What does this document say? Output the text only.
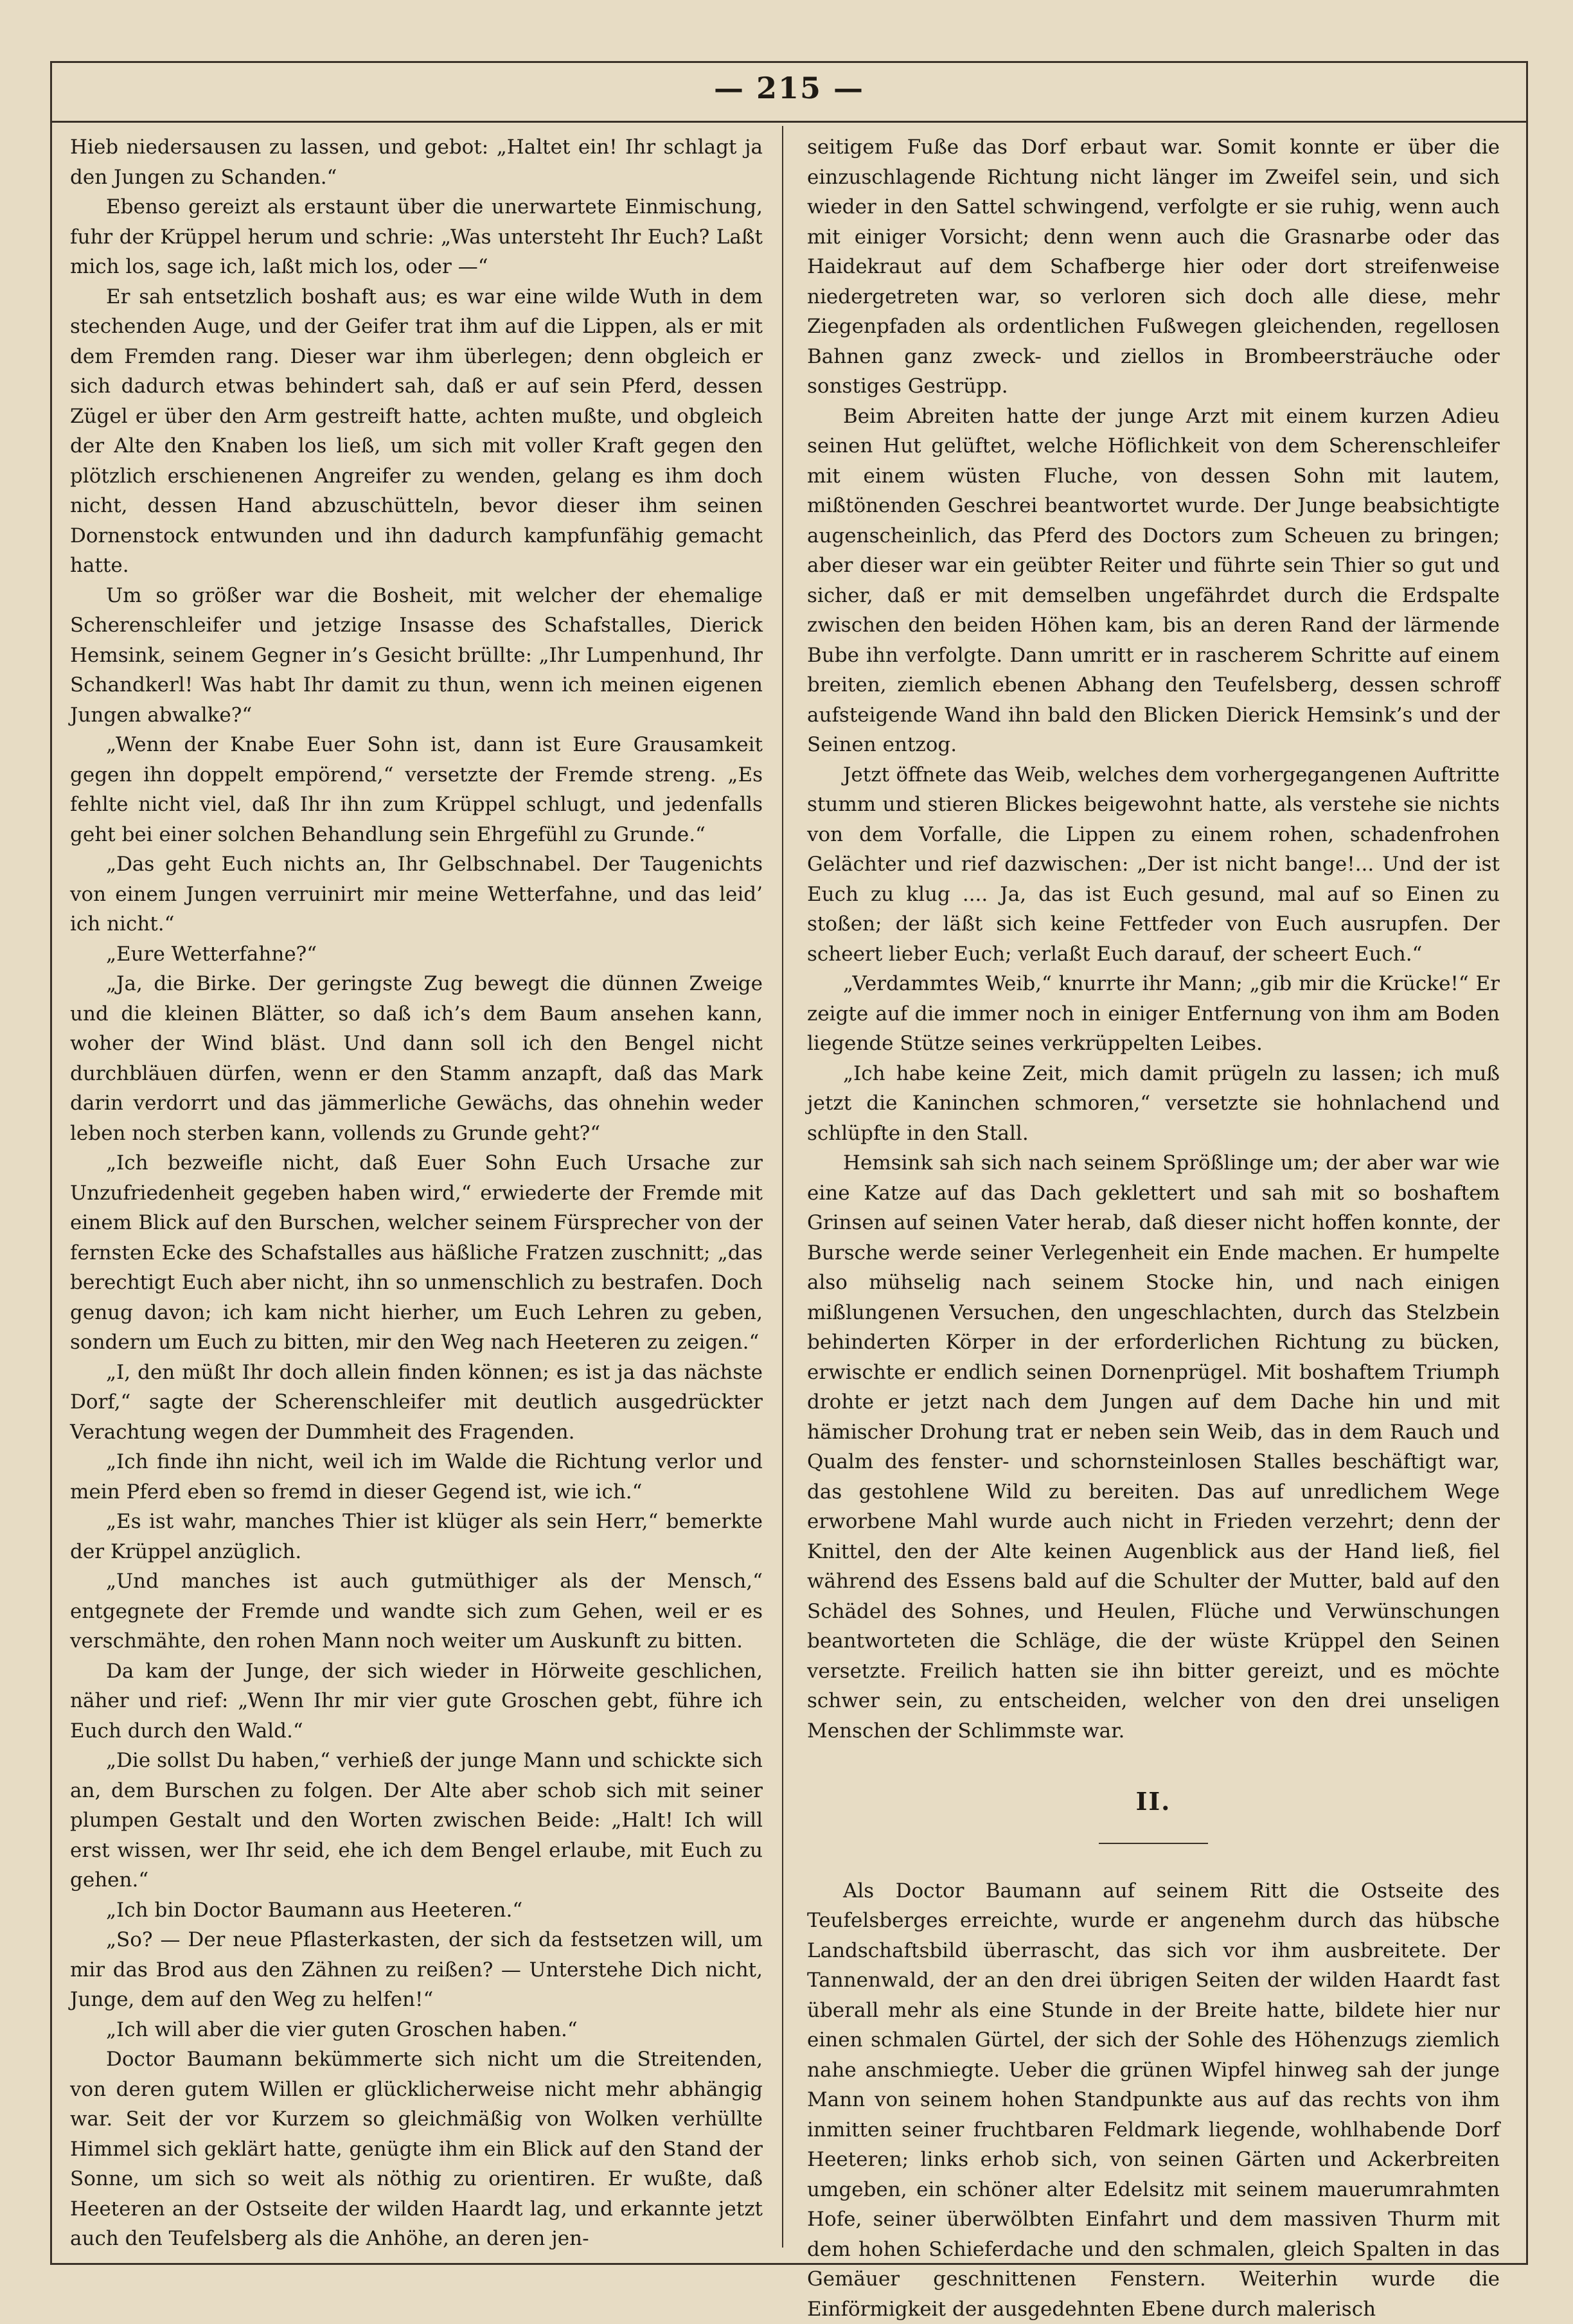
— 215 —

Hieb niedersausen zu lassen, und gebot: „Haltet ein! Ihr schlagt ja den Jungen zu Schanden.“

Ebenso gereizt als erstaunt über die unerwartete Einmischung, fuhr der Krüppel herum und schrie: „Was untersteht Ihr Euch? Laßt mich los, sage ich, laßt mich los, oder —“

Er sah entsetzlich boshaft aus; es war eine wilde Wuth in dem stechenden Auge, und der Geifer trat ihm auf die Lippen, als er mit dem Fremden rang. Dieser war ihm überlegen; denn obgleich er sich dadurch etwas behindert sah, daß er auf sein Pferd, dessen Zügel er über den Arm gestreift hatte, achten mußte, und obgleich der Alte den Knaben los ließ, um sich mit voller Kraft gegen den plötzlich erschienenen Angreifer zu wenden, gelang es ihm doch nicht, dessen Hand abzuschütteln, bevor dieser ihm seinen Dornenstock entwunden und ihn dadurch kampfunfähig gemacht hatte.

Um so größer war die Bosheit, mit welcher der ehemalige Scherenschleifer und jetzige Insasse des Schafstalles, Dierick Hemsink, seinem Gegner in’s Gesicht brüllte: „Ihr Lumpenhund, Ihr Schandkerl! Was habt Ihr damit zu thun, wenn ich meinen eigenen Jungen abwalke?“

„Wenn der Knabe Euer Sohn ist, dann ist Eure Grausamkeit gegen ihn doppelt empörend,“ versetzte der Fremde streng. „Es fehlte nicht viel, daß Ihr ihn zum Krüppel schlugt, und jedenfalls geht bei einer solchen Behandlung sein Ehrgefühl zu Grunde.“

„Das geht Euch nichts an, Ihr Gelbschnabel. Der Taugenichts von einem Jungen verruinirt mir meine Wetterfahne, und das leid’ ich nicht.“

„Eure Wetterfahne?“

„Ja, die Birke. Der geringste Zug bewegt die dünnen Zweige und die kleinen Blätter, so daß ich’s dem Baum ansehen kann, woher der Wind bläst. Und dann soll ich den Bengel nicht durchbläuen dürfen, wenn er den Stamm anzapft, daß das Mark darin verdorrt und das jämmerliche Gewächs, das ohnehin weder leben noch sterben kann, vollends zu Grunde geht?“

„Ich bezweifle nicht, daß Euer Sohn Euch Ursache zur Unzufriedenheit gegeben haben wird,“ erwiederte der Fremde mit einem Blick auf den Burschen, welcher seinem Fürsprecher von der fernsten Ecke des Schafstalles aus häßliche Fratzen zuschnitt; „das berechtigt Euch aber nicht, ihn so unmenschlich zu bestrafen. Doch genug davon; ich kam nicht hierher, um Euch Lehren zu geben, sondern um Euch zu bitten, mir den Weg nach Heeteren zu zeigen.“

„I, den müßt Ihr doch allein finden können; es ist ja das nächste Dorf,“ sagte der Scherenschleifer mit deutlich ausgedrückter Verachtung wegen der Dummheit des Fragenden.

„Ich finde ihn nicht, weil ich im Walde die Richtung verlor und mein Pferd eben so fremd in dieser Gegend ist, wie ich.“

„Es ist wahr, manches Thier ist klüger als sein Herr,“ bemerkte der Krüppel anzüglich.

„Und manches ist auch gutmüthiger als der Mensch,“ entgegnete der Fremde und wandte sich zum Gehen, weil er es verschmähte, den rohen Mann noch weiter um Auskunft zu bitten.

Da kam der Junge, der sich wieder in Hörweite geschlichen, näher und rief: „Wenn Ihr mir vier gute Groschen gebt, führe ich Euch durch den Wald.“

„Die sollst Du haben,“ verhieß der junge Mann und schickte sich an, dem Burschen zu folgen. Der Alte aber schob sich mit seiner plumpen Gestalt und den Worten zwischen Beide: „Halt! Ich will erst wissen, wer Ihr seid, ehe ich dem Bengel erlaube, mit Euch zu gehen.“

„Ich bin Doctor Baumann aus Heeteren.“

„So? — Der neue Pflasterkasten, der sich da festsetzen will, um mir das Brod aus den Zähnen zu reißen? — Unterstehe Dich nicht, Junge, dem auf den Weg zu helfen!“

„Ich will aber die vier guten Groschen haben.“

Doctor Baumann bekümmerte sich nicht um die Streitenden, von deren gutem Willen er glücklicherweise nicht mehr abhängig war. Seit der vor Kurzem so gleichmäßig von Wolken verhüllte Himmel sich geklärt hatte, genügte ihm ein Blick auf den Stand der Sonne, um sich so weit als nöthig zu orientiren. Er wußte, daß Heeteren an der Ostseite der wilden Haardt lag, und erkannte jetzt auch den Teufelsberg als die Anhöhe, an deren jen-

seitigem Fuße das Dorf erbaut war. Somit konnte er über die einzuschlagende Richtung nicht länger im Zweifel sein, und sich wieder in den Sattel schwingend, verfolgte er sie ruhig, wenn auch mit einiger Vorsicht; denn wenn auch die Grasnarbe oder das Haidekraut auf dem Schafberge hier oder dort streifenweise niedergetreten war, so verloren sich doch alle diese, mehr Ziegenpfaden als ordentlichen Fußwegen gleichenden, regellosen Bahnen ganz zweck- und ziellos in Brombeersträuche oder sonstiges Gestrüpp.

Beim Abreiten hatte der junge Arzt mit einem kurzen Adieu seinen Hut gelüftet, welche Höflichkeit von dem Scherenschleifer mit einem wüsten Fluche, von dessen Sohn mit lautem, mißtönenden Geschrei beantwortet wurde. Der Junge beabsichtigte augenscheinlich, das Pferd des Doctors zum Scheuen zu bringen; aber dieser war ein geübter Reiter und führte sein Thier so gut und sicher, daß er mit demselben ungefährdet durch die Erdspalte zwischen den beiden Höhen kam, bis an deren Rand der lärmende Bube ihn verfolgte. Dann umritt er in rascherem Schritte auf einem breiten, ziemlich ebenen Abhang den Teufelsberg, dessen schroff aufsteigende Wand ihn bald den Blicken Dierick Hemsink’s und der Seinen entzog.

Jetzt öffnete das Weib, welches dem vorhergegangenen Auftritte stumm und stieren Blickes beigewohnt hatte, als verstehe sie nichts von dem Vorfalle, die Lippen zu einem rohen, schadenfrohen Gelächter und rief dazwischen: „Der ist nicht bange!... Und der ist Euch zu klug .... Ja, das ist Euch gesund, mal auf so Einen zu stoßen; der läßt sich keine Fettfeder von Euch ausrupfen. Der scheert lieber Euch; verlaßt Euch darauf, der scheert Euch.“

„Verdammtes Weib,“ knurrte ihr Mann; „gib mir die Krücke!“ Er zeigte auf die immer noch in einiger Entfernung von ihm am Boden liegende Stütze seines verkrüppelten Leibes.

„Ich habe keine Zeit, mich damit prügeln zu lassen; ich muß jetzt die Kaninchen schmoren,“ versetzte sie hohnlachend und schlüpfte in den Stall.

Hemsink sah sich nach seinem Sprößlinge um; der aber war wie eine Katze auf das Dach geklettert und sah mit so boshaftem Grinsen auf seinen Vater herab, daß dieser nicht hoffen konnte, der Bursche werde seiner Verlegenheit ein Ende machen. Er humpelte also mühselig nach seinem Stocke hin, und nach einigen mißlungenen Versuchen, den ungeschlachten, durch das Stelzbein behinderten Körper in der erforderlichen Richtung zu bücken, erwischte er endlich seinen Dornenprügel. Mit boshaftem Triumph drohte er jetzt nach dem Jungen auf dem Dache hin und mit hämischer Drohung trat er neben sein Weib, das in dem Rauch und Qualm des fenster- und schornsteinlosen Stalles beschäftigt war, das gestohlene Wild zu bereiten. Das auf unredlichem Wege erworbene Mahl wurde auch nicht in Frieden verzehrt; denn der Knittel, den der Alte keinen Augenblick aus der Hand ließ, fiel während des Essens bald auf die Schulter der Mutter, bald auf den Schädel des Sohnes, und Heulen, Flüche und Verwünschungen beantworteten die Schläge, die der wüste Krüppel den Seinen versetzte. Freilich hatten sie ihn bitter gereizt, und es möchte schwer sein, zu entscheiden, welcher von den drei unseligen Menschen der Schlimmste war.

II.

Als Doctor Baumann auf seinem Ritt die Ostseite des Teufelsberges erreichte, wurde er angenehm durch das hübsche Landschaftsbild überrascht, das sich vor ihm ausbreitete. Der Tannenwald, der an den drei übrigen Seiten der wilden Haardt fast überall mehr als eine Stunde in der Breite hatte, bildete hier nur einen schmalen Gürtel, der sich der Sohle des Höhenzugs ziemlich nahe anschmiegte. Ueber die grünen Wipfel hinweg sah der junge Mann von seinem hohen Standpunkte aus auf das rechts von ihm inmitten seiner fruchtbaren Feldmark liegende, wohlhabende Dorf Heeteren; links erhob sich, von seinen Gärten und Ackerbreiten umgeben, ein schöner alter Edelsitz mit seinem mauerumrahmten Hofe, seiner überwölbten Einfahrt und dem massiven Thurm mit dem hohen Schieferdache und den schmalen, gleich Spalten in das Gemäuer geschnittenen Fenstern. Weiterhin wurde die Einförmigkeit der ausgedehnten Ebene durch malerisch
